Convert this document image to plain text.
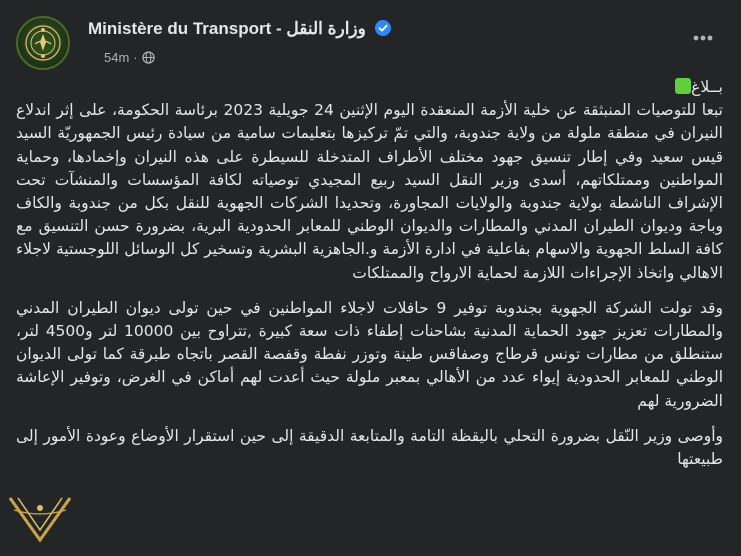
Ministère du Transport - وزارة النقل
54m ·
بــلاغ

تبعا للتوصيات المنبثقة عن خلية الأزمة المنعقدة اليوم الإثنين 24 جويلية 2023 برئاسة الحكومة، على إثر اندلاع النيران في منطقة ملولة من ولاية جندوبة، والتي تمّ تركيزها بتعليمات سامية من سيادة رئيس الجمهوريّة السيد قيس سعيد وفي إطار تنسيق جهود مختلف الأطراف المتدخلة للسيطرة على هذه النيران وإخمادها، وحماية المواطنين وممتلكاتهم، أسدى وزير النقل السيد ربيع المجيدي توصياته لكافة المؤسسات والمنشآت تحت الإشراف الناشطة بولاية جندوبة والولايات المجاورة، وتحديدا الشركات الجهوية للنقل بكل من جندوبة والكاف وباجة وديوان الطيران المدني والمطارات والديوان الوطني للمعابر الحدودية البرية، بضرورة حسن التنسيق مع كافة السلط الجهوية والاسهام بفاعلية في ادارة الأزمة و.الجاهزية البشرية وتسخير كل الوسائل اللوجستية لاجلاء الاهالي واتخاذ الإجراءات اللازمة لحماية الارواح والممتلكات

وقد تولت الشركة الجهوية بجندوبة توفير 9 حافلات لاجلاء المواطنين في حين تولى ديوان الطيران المدني والمطارات تعزيز جهود الحماية المدنية بشاحنات إطفاء ذات سعة كبيرة ,تتراوح بين 10000 لتر و4500 لتر، ستنطلق من مطارات تونس قرطاج وصفاقس طينة وتوزر نفطة وقفصة القصر باتجاه طبرقة كما تولى الديوان الوطني للمعابر الحدودية إيواء عدد من الأهالي بمعبر ملولة حيث أعدت لهم أماكن في الغرض، وتوفير الإعاشة الضرورية لهم

وأوصى وزير النّقل بضرورة التحلي باليقظة التامة والمتابعة الدقيقة إلى حين استقرار الأوضاع وعودة الأمور إلى طبيعتها
